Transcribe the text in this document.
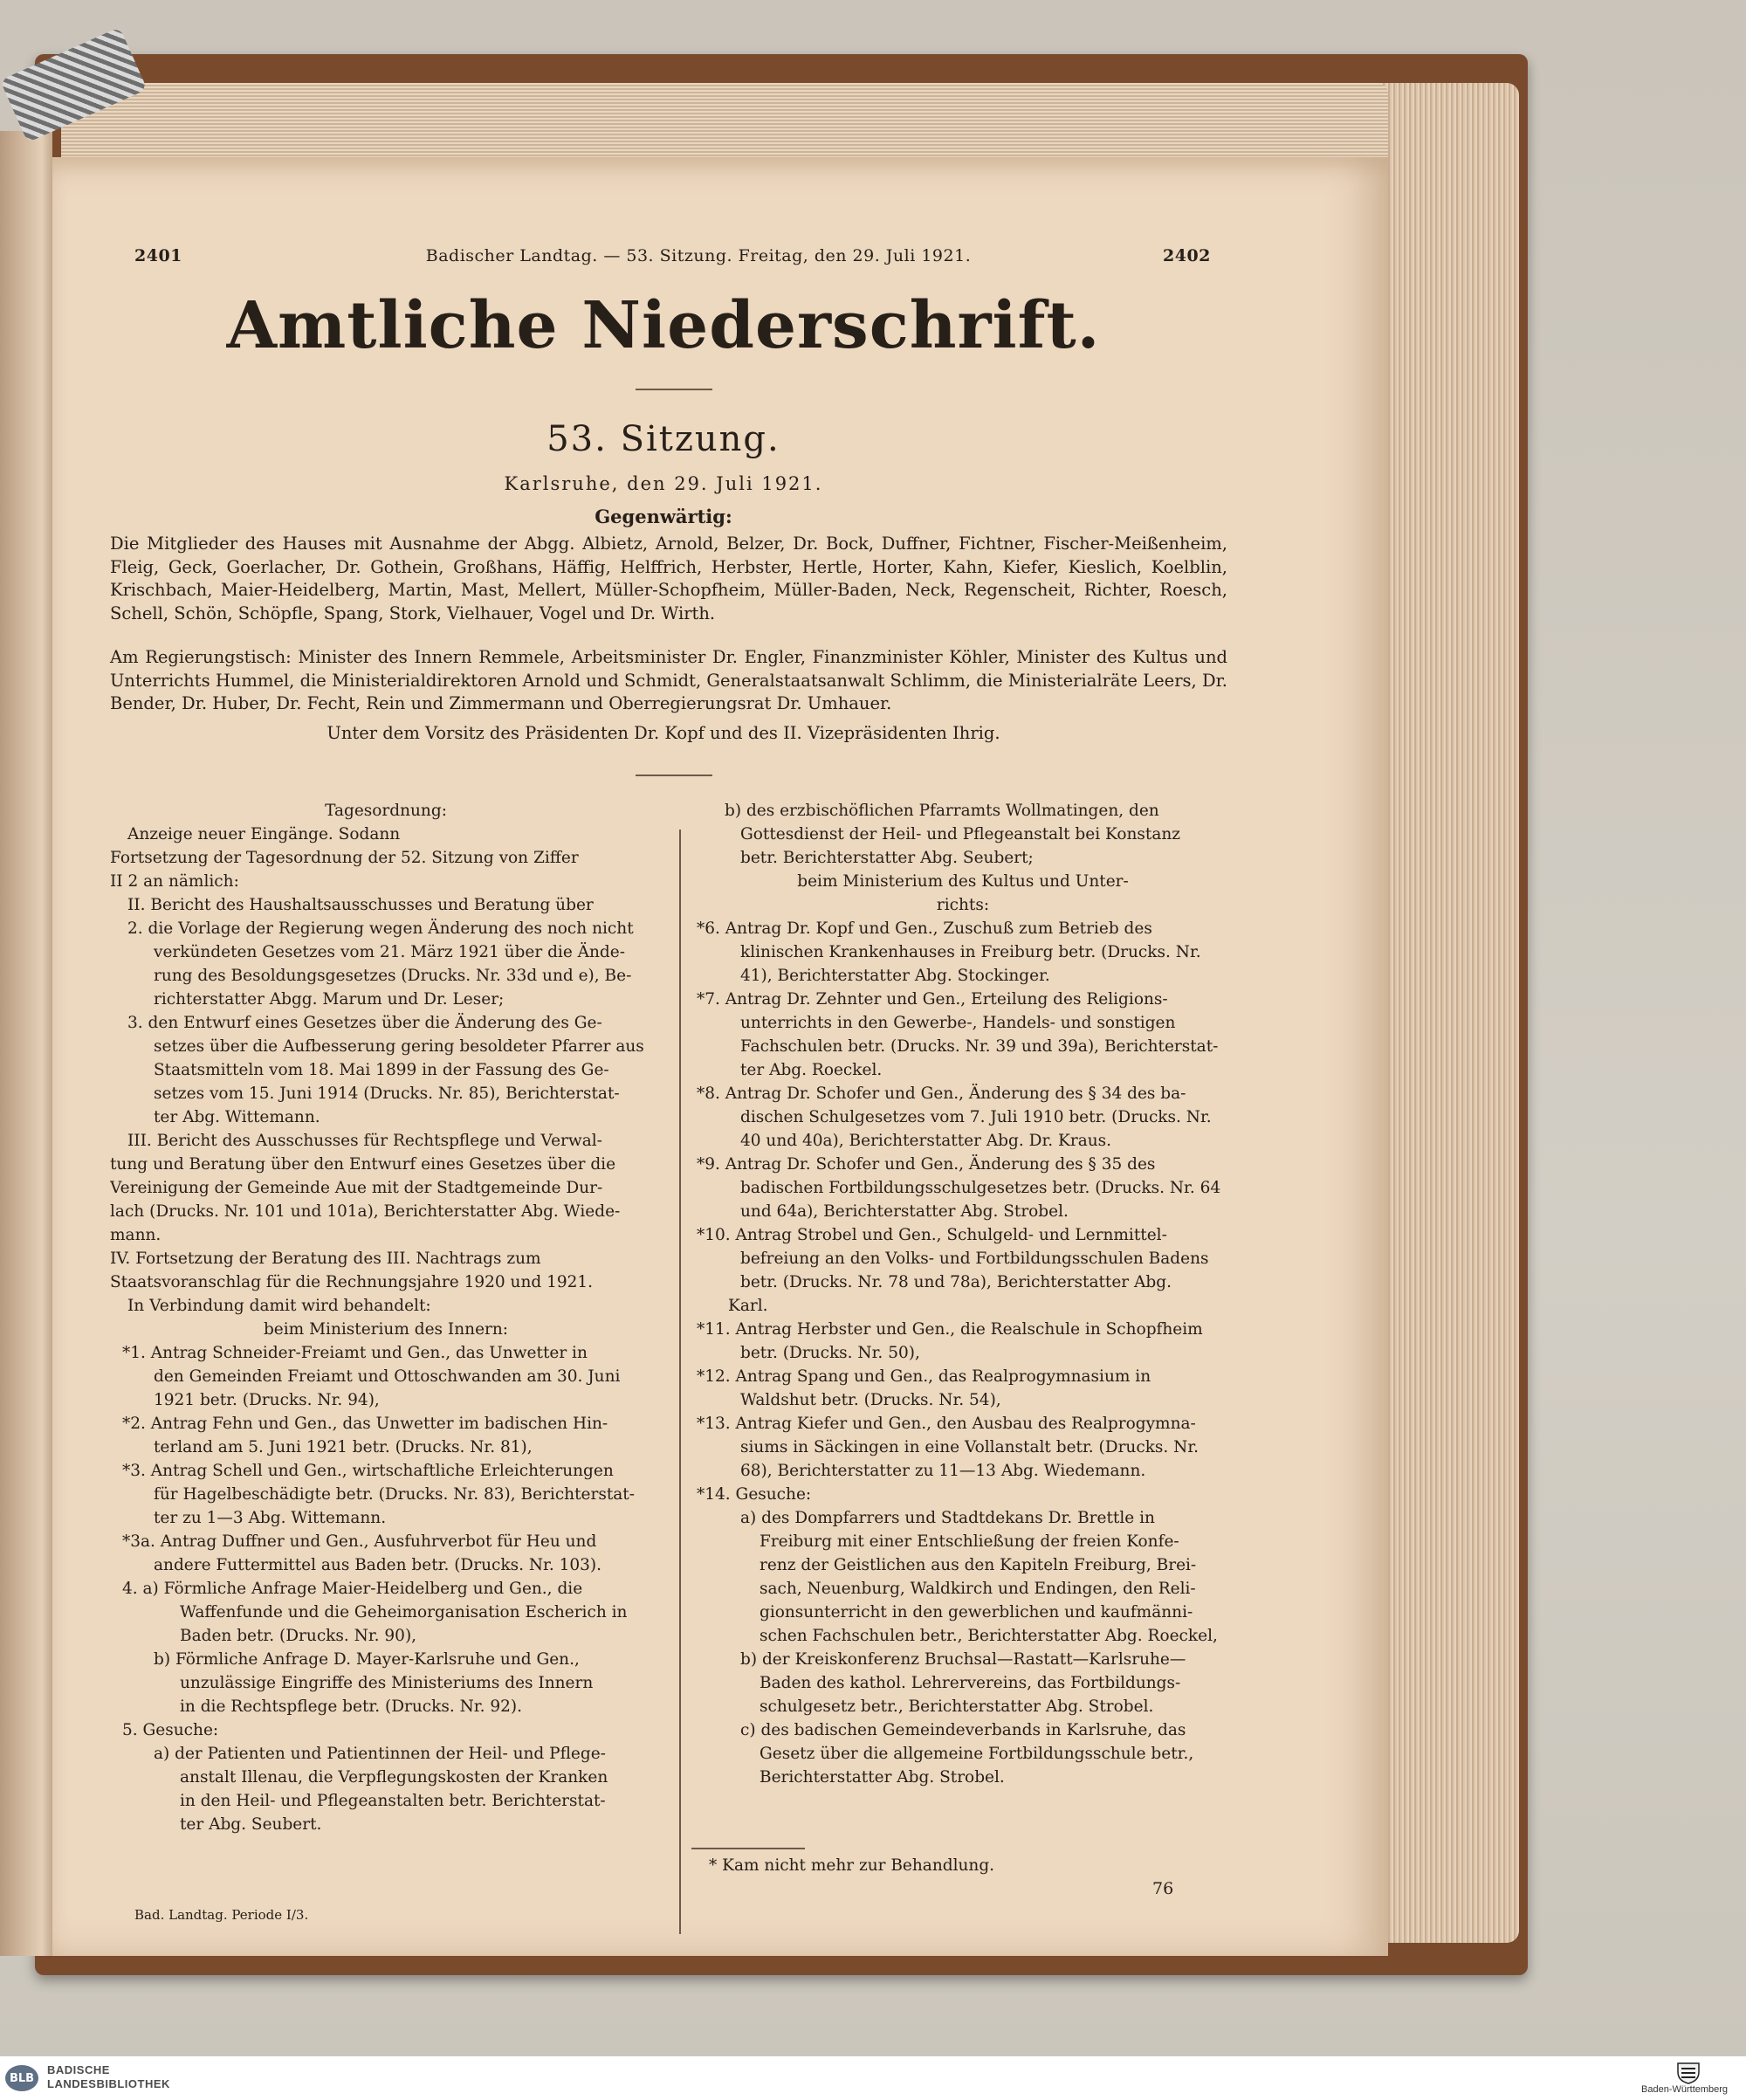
2401	Badischer Landtag. — 53. Sitzung. Freitag, den 29. Juli 1921.	2402
Amtliche Niederschrift.
53. Sitzung.
Karlsruhe, den 29. Juli 1921.
Gegenwärtig:
Die Mitglieder des Hauses mit Ausnahme der Abgg. Albietz, Arnold, Belzer, Dr. Bock, Duffner, Fichtner, Fischer-Meißenheim, Fleig, Geck, Goerlacher, Dr. Gothein, Großhans, Häffig, Helffrich, Herbster, Hertle, Horter, Kahn, Kiefer, Kieslich, Koelblin, Krischbach, Maier-Heidelberg, Martin, Mast, Mellert, Müller-Schopfheim, Müller-Baden, Neck, Regenscheit, Richter, Roesch, Schell, Schön, Schöpfle, Spang, Stork, Vielhauer, Vogel und Dr. Wirth.
Am Regierungstisch: Minister des Innern Remmele, Arbeitsminister Dr. Engler, Finanzminister Köhler, Minister des Kultus und Unterrichts Hummel, die Ministerialdirektoren Arnold und Schmidt, Generalstaatsanwalt Schlimm, die Ministerialräte Leers, Dr. Bender, Dr. Huber, Dr. Fecht, Rein und Zimmermann und Oberregierungsrat Dr. Umhauer.
Unter dem Vorsitz des Präsidenten Dr. Kopf und des II. Vizepräsidenten Ihrig.
Tagesordnung:
Anzeige neuer Eingänge. Sodann
Fortsetzung der Tagesordnung der 52. Sitzung von Ziffer
II 2 an nämlich:
II. Bericht des Haushaltsausschusses und Beratung über
2. die Vorlage der Regierung wegen Änderung des noch nicht
verkündeten Gesetzes vom 21. März 1921 über die Ände-
rung des Besoldungsgesetzes (Drucks. Nr. 33d und e), Be-
richterstatter Abgg. Marum und Dr. Leser;
3. den Entwurf eines Gesetzes über die Änderung des Ge-
setzes über die Aufbesserung gering besoldeter Pfarrer aus
Staatsmitteln vom 18. Mai 1899 in der Fassung des Ge-
setzes vom 15. Juni 1914 (Drucks. Nr. 85), Berichterstat-
ter Abg. Wittemann.
III. Bericht des Ausschusses für Rechtspflege und Verwal-
tung und Beratung über den Entwurf eines Gesetzes über die
Vereinigung der Gemeinde Aue mit der Stadtgemeinde Dur-
lach (Drucks. Nr. 101 und 101a), Berichterstatter Abg. Wiede-
mann.
IV. Fortsetzung der Beratung des III. Nachtrags zum
Staatsvoranschlag für die Rechnungsjahre 1920 und 1921.
In Verbindung damit wird behandelt:
beim Ministerium des Innern:
*1. Antrag Schneider-Freiamt und Gen., das Unwetter in
den Gemeinden Freiamt und Ottoschwanden am 30. Juni
1921 betr. (Drucks. Nr. 94),
*2. Antrag Fehn und Gen., das Unwetter im badischen Hin-
terland am 5. Juni 1921 betr. (Drucks. Nr. 81),
*3. Antrag Schell und Gen., wirtschaftliche Erleichterungen
für Hagelbeschädigte betr. (Drucks. Nr. 83), Berichterstat-
ter zu 1—3 Abg. Wittemann.
*3a. Antrag Duffner und Gen., Ausfuhrverbot für Heu und
andere Futtermittel aus Baden betr. (Drucks. Nr. 103).
4. a) Förmliche Anfrage Maier-Heidelberg und Gen., die
Waffenfunde und die Geheimorganisation Escherich in
Baden betr. (Drucks. Nr. 90),
b) Förmliche Anfrage D. Mayer-Karlsruhe und Gen.,
unzulässige Eingriffe des Ministeriums des Innern
in die Rechtspflege betr. (Drucks. Nr. 92).
5. Gesuche:
a) der Patienten und Patientinnen der Heil- und Pflege-
anstalt Illenau, die Verpflegungskosten der Kranken
in den Heil- und Pflegeanstalten betr. Berichterstat-
ter Abg. Seubert.
b) des erzbischöflichen Pfarramts Wollmatingen, den
Gottesdienst der Heil- und Pflegeanstalt bei Konstanz
betr. Berichterstatter Abg. Seubert;
beim Ministerium des Kultus und Unter-
richts:
*6. Antrag Dr. Kopf und Gen., Zuschuß zum Betrieb des
klinischen Krankenhauses in Freiburg betr. (Drucks. Nr.
41), Berichterstatter Abg. Stockinger.
*7. Antrag Dr. Zehnter und Gen., Erteilung des Religions-
unterrichts in den Gewerbe-, Handels- und sonstigen
Fachschulen betr. (Drucks. Nr. 39 und 39a), Berichterstat-
ter Abg. Roeckel.
*8. Antrag Dr. Schofer und Gen., Änderung des § 34 des ba-
dischen Schulgesetzes vom 7. Juli 1910 betr. (Drucks. Nr.
40 und 40a), Berichterstatter Abg. Dr. Kraus.
*9. Antrag Dr. Schofer und Gen., Änderung des § 35 des
badischen Fortbildungsschulgesetzes betr. (Drucks. Nr. 64
und 64a), Berichterstatter Abg. Strobel.
*10. Antrag Strobel und Gen., Schulgeld- und Lernmittel-
befreiung an den Volks- und Fortbildungsschulen Badens
betr. (Drucks. Nr. 78 und 78a), Berichterstatter Abg.
Karl.
*11. Antrag Herbster und Gen., die Realschule in Schopfheim
betr. (Drucks. Nr. 50),
*12. Antrag Spang und Gen., das Realprogymnasium in
Waldshut betr. (Drucks. Nr. 54),
*13. Antrag Kiefer und Gen., den Ausbau des Realprogymna-
siums in Säckingen in eine Vollanstalt betr. (Drucks. Nr.
68), Berichterstatter zu 11—13 Abg. Wiedemann.
*14. Gesuche:
a) des Dompfarrers und Stadtdekans Dr. Brettle in
Freiburg mit einer Entschließung der freien Konfe-
renz der Geistlichen aus den Kapiteln Freiburg, Brei-
sach, Neuenburg, Waldkirch und Endingen, den Reli-
gionsunterricht in den gewerblichen und kaufmänni-
schen Fachschulen betr., Berichterstatter Abg. Roeckel,
b) der Kreiskonferenz Bruchsal—Rastatt—Karlsruhe—
Baden des kathol. Lehrervereins, das Fortbildungs-
schulgesetz betr., Berichterstatter Abg. Strobel.
c) des badischen Gemeindeverbands in Karlsruhe, das
Gesetz über die allgemeine Fortbildungsschule betr.,
Berichterstatter Abg. Strobel.
* Kam nicht mehr zur Behandlung.
76
Bad. Landtag. Periode I/3.
BLB
BADISCHE
LANDESBIBLIOTHEK	Baden-Württemberg
